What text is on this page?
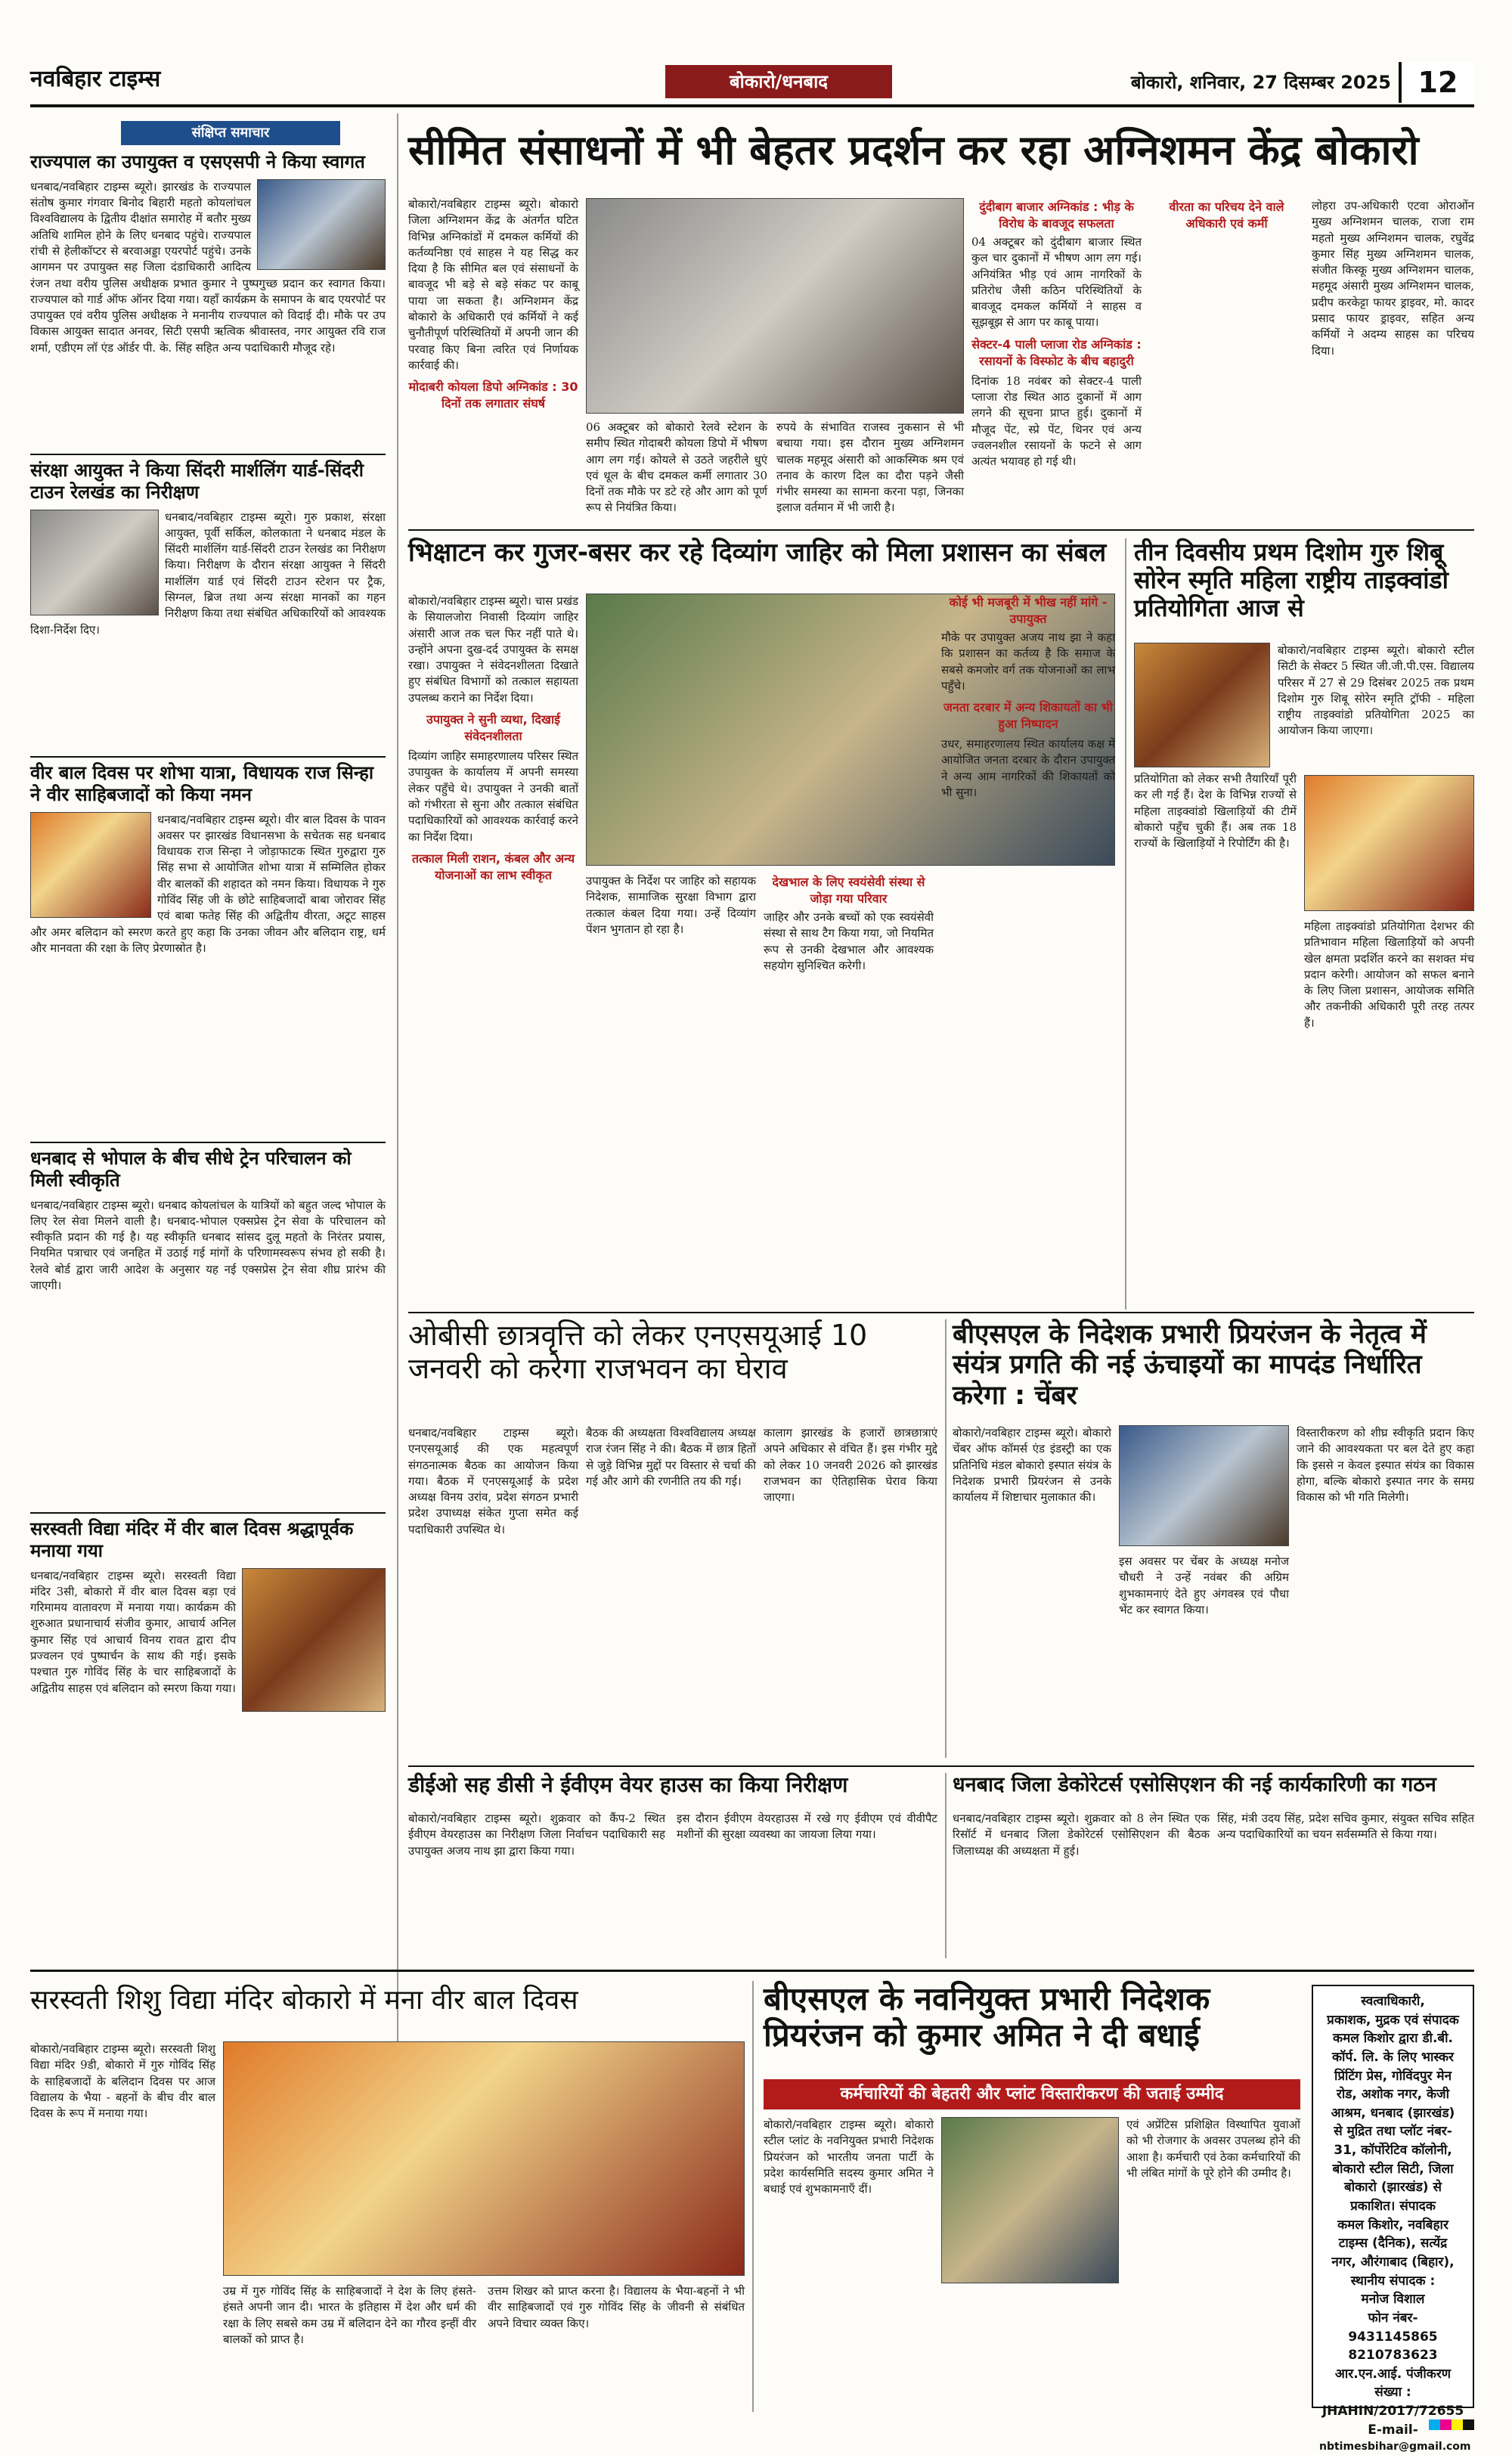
नवबिहार टाइम्स	बोकारो/धनबाद	बोकारो, शनिवार, 27 दिसम्बर 2025 12
संक्षिप्त समाचार
राज्यपाल का उपायुक्त व एसएसपी ने किया स्वागत
धनबाद/नवबिहार टाइम्स ब्यूरो। झारखंड के राज्यपाल संतोष कुमार गंगवार बिनोद बिहारी महतो कोयलांचल विश्वविद्यालय के द्वितीय दीक्षांत समारोह में बतौर मुख्य अतिथि शामिल होने के लिए धनबाद पहुंचे। राज्यपाल रांची से हेलीकॉप्टर से बरवाअड्डा एयरपोर्ट पहुंचे। उनके आगमन पर उपायुक्त सह जिला दंडाधिकारी आदित्य रंजन तथा वरीय पुलिस अधीक्षक प्रभात कुमार ने पुष्पगुच्छ प्रदान कर स्वागत किया। राज्यपाल को गार्ड ऑफ ऑनर दिया गया। यहाँ कार्यक्रम के समापन के बाद एयरपोर्ट पर उपायुक्त एवं वरीय पुलिस अधीक्षक ने मनानीय राज्यपाल को विदाई दी। मौके पर उप विकास आयुक्त सादात अनवर, सिटी एसपी ऋत्विक श्रीवास्तव, नगर आयुक्त रवि राज शर्मा, एडीएम लॉ एंड ऑर्डर पी. के. सिंह सहित अन्य पदाधिकारी मौजूद रहे।
संरक्षा आयुक्त ने किया सिंदरी मार्शलिंग यार्ड-सिंदरी टाउन रेलखंड का निरीक्षण
धनबाद/नवबिहार टाइम्स ब्यूरो। गुरु प्रकाश, संरक्षा आयुक्त, पूर्वी सर्किल, कोलकाता ने धनबाद मंडल के सिंदरी मार्शलिंग यार्ड-सिंदरी टाउन रेलखंड का निरीक्षण किया। निरीक्षण के दौरान संरक्षा आयुक्त ने सिंदरी मार्शलिंग यार्ड एवं सिंदरी टाउन स्टेशन पर ट्रैक, सिग्नल, ब्रिज तथा अन्य संरक्षा मानकों का गहन निरीक्षण किया तथा संबंधित अधिकारियों को आवश्यक दिशा-निर्देश दिए।
वीर बाल दिवस पर शोभा यात्रा, विधायक राज सिन्हा ने वीर साहिबजादों को किया नमन
धनबाद/नवबिहार टाइम्स ब्यूरो। वीर बाल दिवस के पावन अवसर पर झारखंड विधानसभा के सचेतक सह धनबाद विधायक राज सिन्हा ने जोड़ाफाटक स्थित गुरुद्वारा गुरु सिंह सभा से आयोजित शोभा यात्रा में सम्मिलित होकर वीर बालकों की शहादत को नमन किया। विधायक ने गुरु गोविंद सिंह जी के छोटे साहिबजादों बाबा जोरावर सिंह एवं बाबा फतेह सिंह की अद्वितीय वीरता, अटूट साहस और अमर बलिदान को स्मरण करते हुए कहा कि उनका जीवन और बलिदान राष्ट्र, धर्म और मानवता की रक्षा के लिए प्रेरणास्रोत है।
धनबाद से भोपाल के बीच सीधे ट्रेन परिचालन को मिली स्वीकृति
धनबाद/नवबिहार टाइम्स ब्यूरो। धनबाद कोयलांचल के यात्रियों को बहुत जल्द भोपाल के लिए रेल सेवा मिलने वाली है। धनबाद-भोपाल एक्सप्रेस ट्रेन सेवा के परिचालन को स्वीकृति प्रदान की गई है। यह स्वीकृति धनबाद सांसद दुलू महतो के निरंतर प्रयास, नियमित पत्राचार एवं जनहित में उठाई गई मांगों के परिणामस्वरूप संभव हो सकी है। रेलवे बोर्ड द्वारा जारी आदेश के अनुसार यह नई एक्सप्रेस ट्रेन सेवा शीघ्र प्रारंभ की जाएगी।
सरस्वती विद्या मंदिर में वीर बाल दिवस श्रद्धापूर्वक मनाया गया
धनबाद/नवबिहार टाइम्स ब्यूरो। सरस्वती विद्या मंदिर 3सी, बोकारो में वीर बाल दिवस बड़ा एवं गरिमामय वातावरण में मनाया गया। कार्यक्रम की शुरुआत प्रधानाचार्य संजीव कुमार, आचार्य अनिल कुमार सिंह एवं आचार्य विनय रावत द्वारा दीप प्रज्वलन एवं पुष्पार्चन के साथ की गई। इसके पश्चात गुरु गोविंद सिंह के चार साहिबजादों के अद्वितीय साहस एवं बलिदान को स्मरण किया गया।
सीमित संसाधनों में भी बेहतर प्रदर्शन कर रहा अग्निशमन केंद्र बोकारो
बोकारो/नवबिहार टाइम्स ब्यूरो। बोकारो जिला अग्निशमन केंद्र के अंतर्गत घटित विभिन्न अग्निकांडों में दमकल कर्मियों की कर्तव्यनिष्ठा एवं साहस ने यह सिद्ध कर दिया है कि सीमित बल एवं संसाधनों के बावजूद भी बड़े से बड़े संकट पर काबू पाया जा सकता है। अग्निशमन केंद्र बोकारो के अधिकारी एवं कर्मियों ने कई चुनौतीपूर्ण परिस्थितियों में अपनी जान की परवाह किए बिना त्वरित एवं निर्णायक कार्रवाई की।
मोदाबरी कोयला डिपो अग्निकांड : 30 दिनों तक लगातार संघर्ष
06 अक्टूबर को बोकारो रेलवे स्टेशन के समीप स्थित गोदाबरी कोयला डिपो में भीषण आग लग गई। कोयले से उठते जहरीले धुएं एवं धूल के बीच दमकल कर्मी लगातार 30 दिनों तक मौके पर डटे रहे और आग को पूर्ण रूप से नियंत्रित किया।
रुपये के संभावित राजस्व नुकसान से भी बचाया गया। इस दौरान मुख्य अग्निशमन चालक महमूद अंसारी को आकस्मिक श्रम एवं तनाव के कारण दिल का दौरा पड़ने जैसी गंभीर समस्या का सामना करना पड़ा, जिनका इलाज वर्तमान में भी जारी है।
दुंदीबाग बाजार अग्निकांड : भीड़ के विरोध के बावजूद सफलता
04 अक्टूबर को दुंदीबाग बाजार स्थित कुल चार दुकानों में भीषण आग लग गई। अनियंत्रित भीड़ एवं आम नागरिकों के प्रतिरोध जैसी कठिन परिस्थितियों के बावजूद दमकल कर्मियों ने साहस व सूझबूझ से आग पर काबू पाया।
सेक्टर-4 पाली प्लाजा रोड अग्निकांड : रसायनों के विस्फोट के बीच बहादुरी
दिनांक 18 नवंबर को सेक्टर-4 पाली प्लाजा रोड स्थित आठ दुकानों में आग लगने की सूचना प्राप्त हुई। दुकानों में मौजूद पेंट, स्प्रे पेंट, थिनर एवं अन्य ज्वलनशील रसायनों के फटने से आग अत्यंत भयावह हो गई थी।
वीरता का परिचय देने वाले अधिकारी एवं कर्मी
लोहरा उप-अधिकारी एटवा ओराओंन मुख्य अग्निशमन चालक, राजा राम महतो मुख्य अग्निशमन चालक, रघुवेंद्र कुमार सिंह मुख्य अग्निशमन चालक, संजीत किस्कू मुख्य अग्निशमन चालक, महमूद अंसारी मुख्य अग्निशमन चालक, प्रदीप करकेट्टा फायर ड्राइवर, मो. कादर प्रसाद फायर ड्राइवर, सहित अन्य कर्मियों ने अदम्य साहस का परिचय दिया।
भिक्षाटन कर गुजर-बसर कर रहे दिव्यांग जाहिर को मिला प्रशासन का संबल
बोकारो/नवबिहार टाइम्स ब्यूरो। चास प्रखंड के सियालजोरा निवासी दिव्यांग जाहिर अंसारी आज तक चल फिर नहीं पाते थे। उन्होंने अपना दुख-दर्द उपायुक्त के समक्ष रखा। उपायुक्त ने संवेदनशीलता दिखाते हुए संबंधित विभागों को तत्काल सहायता उपलब्ध कराने का निर्देश दिया।
उपायुक्त ने सुनी व्यथा, दिखाई संवेदनशीलता
दिव्यांग जाहिर समाहरणालय परिसर स्थित उपायुक्त के कार्यालय में अपनी समस्या लेकर पहुँचे थे। उपायुक्त ने उनकी बातों को गंभीरता से सुना और तत्काल संबंधित पदाधिकारियों को आवश्यक कार्रवाई करने का निर्देश दिया।
तत्काल मिली राशन, कंबल और अन्य योजनाओं का लाभ स्वीकृत	उपायुक्त के निर्देश पर जाहिर को सहायक निदेशक, सामाजिक सुरक्षा विभाग द्वारा तत्काल कंबल दिया गया। उन्हें दिव्यांग पेंशन भुगतान हो रहा है।
देखभाल के लिए स्वयंसेवी संस्था से जोड़ा गया परिवार
जाहिर और उनके बच्चों को एक स्वयंसेवी संस्था से साथ टैग किया गया, जो नियमित रूप से उनकी देखभाल और आवश्यक सहयोग सुनिश्चित करेगी।
कोई भी मजबूरी में भीख नहीं मांगे - उपायुक्त
मौके पर उपायुक्त अजय नाथ झा ने कहा कि प्रशासन का कर्तव्य है कि समाज के सबसे कमजोर वर्ग तक योजनाओं का लाभ पहुँचे।
जनता दरबार में अन्य शिकायतों का भी हुआ निष्पादन
उधर, समाहरणालय स्थित कार्यालय कक्ष में आयोजित जनता दरबार के दौरान उपायुक्त ने अन्य आम नागरिकों की शिकायतों को भी सुना।
तीन दिवसीय प्रथम दिशोम गुरु शिबू सोरेन स्मृति महिला राष्ट्रीय ताइक्वांडो प्रतियोगिता आज से
प्रतियोगिता को लेकर सभी तैयारियाँ पूरी कर ली गई हैं। देश के विभिन्न राज्यों से महिला ताइक्वांडो खिलाड़ियों की टीमें बोकारो पहुँच चुकी हैं। अब तक 18 राज्यों के खिलाड़ियों ने रिपोर्टिंग की है।
बोकारो/नवबिहार टाइम्स ब्यूरो। बोकारो स्टील सिटी के सेक्टर 5 स्थित जी.जी.पी.एस. विद्यालय परिसर में 27 से 29 दिसंबर 2025 तक प्रथम दिशोम गुरु शिबू सोरेन स्मृति ट्रॉफी - महिला राष्ट्रीय ताइक्वांडो प्रतियोगिता 2025 का आयोजन किया जाएगा।
महिला ताइक्वांडो प्रतियोगिता देशभर की प्रतिभावान महिला खिलाड़ियों को अपनी खेल क्षमता प्रदर्शित करने का सशक्त मंच प्रदान करेगी। आयोजन को सफल बनाने के लिए जिला प्रशासन, आयोजक समिति और तकनीकी अधिकारी पूरी तरह तत्पर हैं।
ओबीसी छात्रवृत्ति को लेकर एनएसयूआई 10 जनवरी को करेगा राजभवन का घेराव
धनबाद/नवबिहार टाइम्स ब्यूरो। एनएसयूआई की एक महत्वपूर्ण संगठनात्मक बैठक का आयोजन किया गया। बैठक में एनएसयूआई के प्रदेश अध्यक्ष विनय उरांव, प्रदेश संगठन प्रभारी प्रदेश उपाध्यक्ष संकेत गुप्ता समेत कई पदाधिकारी उपस्थित थे।
बैठक की अध्यक्षता विश्वविद्यालय अध्यक्ष राज रंजन सिंह ने की। बैठक में छात्र हितों से जुड़े विभिन्न मुद्दों पर विस्तार से चर्चा की गई और आगे की रणनीति तय की गई।
कालाग झारखंड के हजारों छात्रछात्राएं अपने अधिकार से वंचित हैं। इस गंभीर मुद्दे को लेकर 10 जनवरी 2026 को झारखंड राजभवन का ऐतिहासिक घेराव किया जाएगा।
बीएसएल के निदेशक प्रभारी प्रियरंजन के नेतृत्व में संयंत्र प्रगति की नई ऊंचाइयों का मापदंड निर्धारित करेगा : चेंबर
बोकारो/नवबिहार टाइम्स ब्यूरो। बोकारो चेंबर ऑफ कॉमर्स एंड इंडस्ट्री का एक प्रतिनिधि मंडल बोकारो इस्पात संयंत्र के निदेशक प्रभारी प्रियरंजन से उनके कार्यालय में शिष्टाचार मुलाकात की।
इस अवसर पर चेंबर के अध्यक्ष मनोज चौधरी ने उन्हें नवंबर की अग्रिम शुभकामनाएं देते हुए अंगवस्त्र एवं पौधा भेंट कर स्वागत किया।
विस्तारीकरण को शीघ्र स्वीकृति प्रदान किए जाने की आवश्यकता पर बल देते हुए कहा कि इससे न केवल इस्पात संयंत्र का विकास होगा, बल्कि बोकारो इस्पात नगर के समग्र विकास को भी गति मिलेगी।
डीईओ सह डीसी ने ईवीएम वेयर हाउस का किया निरीक्षण
बोकारो/नवबिहार टाइम्स ब्यूरो। शुक्रवार को कैंप-2 स्थित ईवीएम वेयरहाउस का निरीक्षण जिला निर्वाचन पदाधिकारी सह उपायुक्त अजय नाथ झा द्वारा किया गया।
इस दौरान ईवीएम वेयरहाउस में रखे गए ईवीएम एवं वीवीपैट मशीनों की सुरक्षा व्यवस्था का जायजा लिया गया।
धनबाद जिला डेकोरेटर्स एसोसिएशन की नई कार्यकारिणी का गठन
धनबाद/नवबिहार टाइम्स ब्यूरो। शुक्रवार को 8 लेन स्थित एक रिसॉर्ट में धनबाद जिला डेकोरेटर्स एसोसिएशन की बैठक जिलाध्यक्ष की अध्यक्षता में हुई।
सिंह, मंत्री उदय सिंह, प्रदेश सचिव कुमार, संयुक्त सचिव सहित अन्य पदाधिकारियों का चयन सर्वसम्मति से किया गया।
सरस्वती शिशु विद्या मंदिर बोकारो में मना वीर बाल दिवस
बोकारो/नवबिहार टाइम्स ब्यूरो। सरस्वती शिशु विद्या मंदिर 9डी, बोकारो में गुरु गोविंद सिंह के साहिबजादों के बलिदान दिवस पर आज विद्यालय के भैया - बहनों के बीच वीर बाल दिवस के रूप में मनाया गया।
उम्र में गुरु गोविंद सिंह के साहिबजादों ने देश के लिए हंसते-हंसते अपनी जान दी। भारत के इतिहास में देश और धर्म की रक्षा के लिए सबसे कम उम्र में बलिदान देने का गौरव इन्हीं वीर बालकों को प्राप्त है।
उत्तम शिखर को प्राप्त करना है। विद्यालय के भैया-बहनों ने भी वीर साहिबजादों एवं गुरु गोविंद सिंह के जीवनी से संबंधित अपने विचार व्यक्त किए।
बीएसएल के नवनियुक्त प्रभारी निदेशक प्रियरंजन को कुमार अमित ने दी बधाई
कर्मचारियों की बेहतरी और प्लांट विस्तारीकरण की जताई उम्मीद
बोकारो/नवबिहार टाइम्स ब्यूरो। बोकारो स्टील प्लांट के नवनियुक्त प्रभारी निदेशक प्रियरंजन को भारतीय जनता पार्टी के प्रदेश कार्यसमिति सदस्य कुमार अमित ने बधाई एवं शुभकामनाएँ दीं।
एवं अप्रेंटिस प्रशिक्षित विस्थापित युवाओं को भी रोजगार के अवसर उपलब्ध होने की आशा है। कर्मचारी एवं ठेका कर्मचारियों की भी लंबित मांगों के पूरे होने की उम्मीद है।
स्वत्वाधिकारी,
प्रकाशक, मुद्रक एवं संपादक
कमल किशोर द्वारा डी.बी.
कॉर्प. लि. के लिए भास्कर
प्रिंटिंग प्रेस, गोविंदपुर मेन
रोड, अशोक नगर, केजी
आश्रम, धनबाद (झारखंड)
से मुद्रित तथा प्लॉट नंबर-
31, कॉर्पोरेटिव कॉलोनी,
बोकारो स्टील सिटी, जिला
बोकारो (झारखंड) से
प्रकाशित। संपादक
कमल किशोर, नवबिहार
टाइम्स (दैनिक), सत्येंद्र
नगर, औरंगाबाद (बिहार),
स्थानीय संपादक :
मनोज विशाल
फोन नंबर-
9431145865
8210783623
आर.एन.आई. पंजीकरण
संख्या :
JHAHIN/2017/72655
E-mail-
nbtimesbihar@gmail.com
